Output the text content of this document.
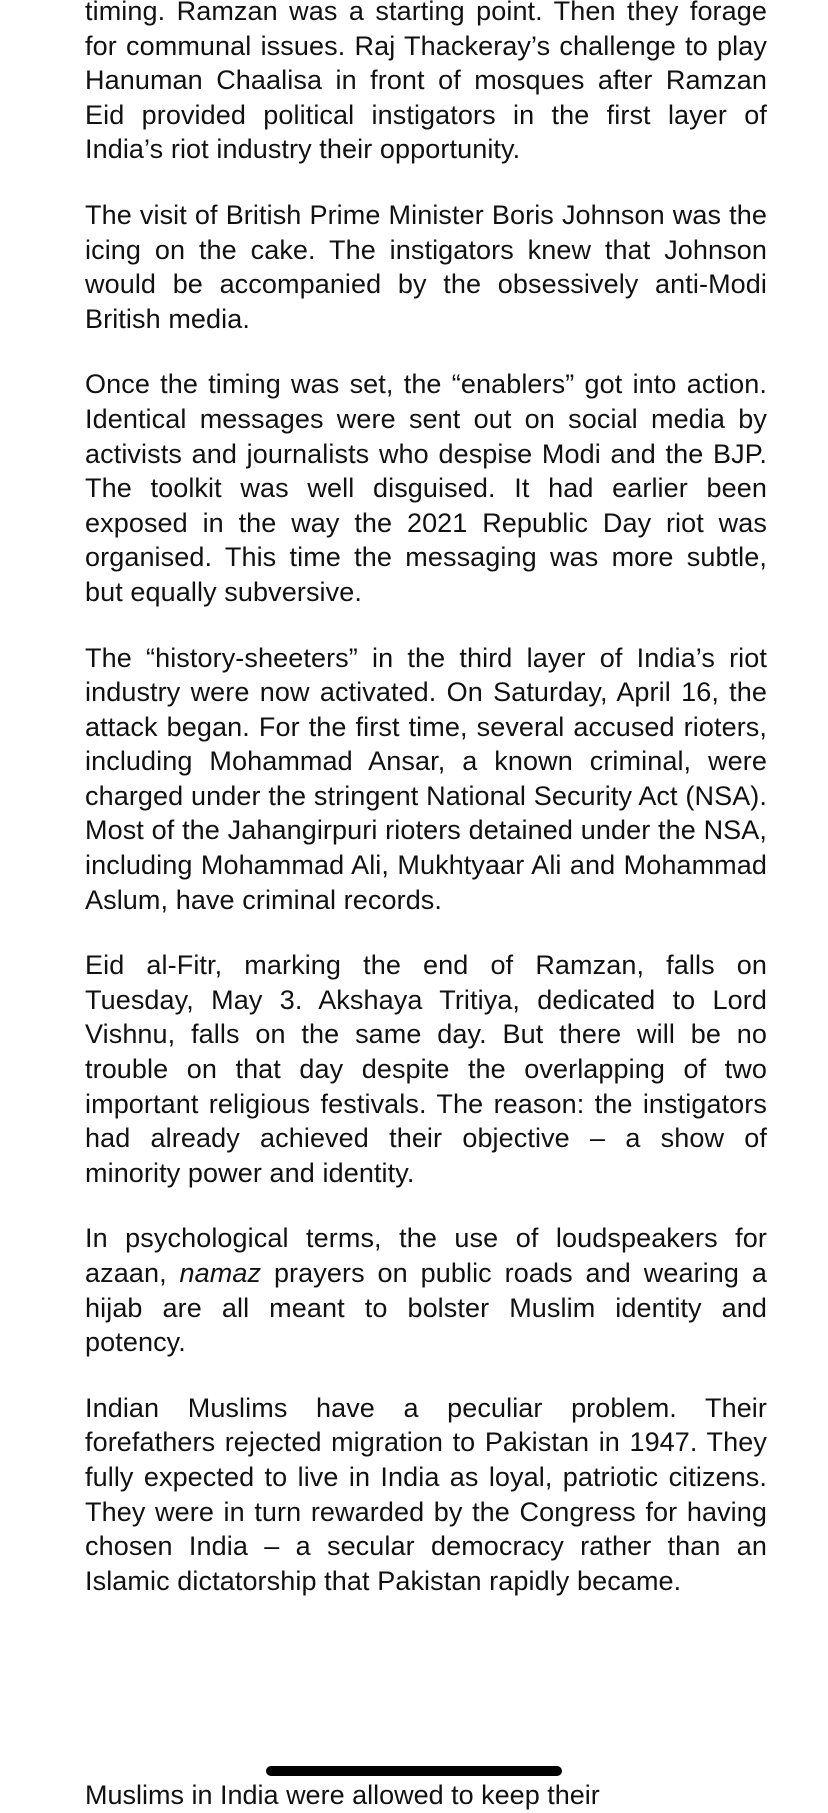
timing. Ramzan was a starting point. Then they forage for communal issues. Raj Thackeray’s challenge to play Hanuman Chaalisa in front of mosques after Ramzan Eid provided political instigators in the first layer of India’s riot industry their opportunity.

The visit of British Prime Minister Boris Johnson was the icing on the cake. The instigators knew that Johnson would be accompanied by the obsessively anti-Modi British media.

Once the timing was set, the “enablers” got into action. Identical messages were sent out on social media by activists and journalists who despise Modi and the BJP. The toolkit was well disguised. It had earlier been exposed in the way the 2021 Republic Day riot was organised. This time the messaging was more subtle, but equally subversive.

The “history-sheeters” in the third layer of India’s riot industry were now activated. On Saturday, April 16, the attack began. For the first time, several accused rioters, including Mohammad Ansar, a known criminal, were charged under the stringent National Security Act (NSA). Most of the Jahangirpuri rioters detained under the NSA, including Mohammad Ali, Mukhtyaar Ali and Mohammad Aslum, have criminal records.

Eid al-Fitr, marking the end of Ramzan, falls on Tuesday, May 3. Akshaya Tritiya, dedicated to Lord Vishnu, falls on the same day. But there will be no trouble on that day despite the overlapping of two important religious festivals. The reason: the instigators had already achieved their objective – a show of minority power and identity.

In psychological terms, the use of loudspeakers for azaan, namaz prayers on public roads and wearing a hijab are all meant to bolster Muslim identity and potency.

Indian Muslims have a peculiar problem. Their forefathers rejected migration to Pakistan in 1947. They fully expected to live in India as loyal, patriotic citizens. They were in turn rewarded by the Congress for having chosen India – a secular democracy rather than an Islamic dictatorship that Pakistan rapidly became.

Muslims in India were allowed to keep their
